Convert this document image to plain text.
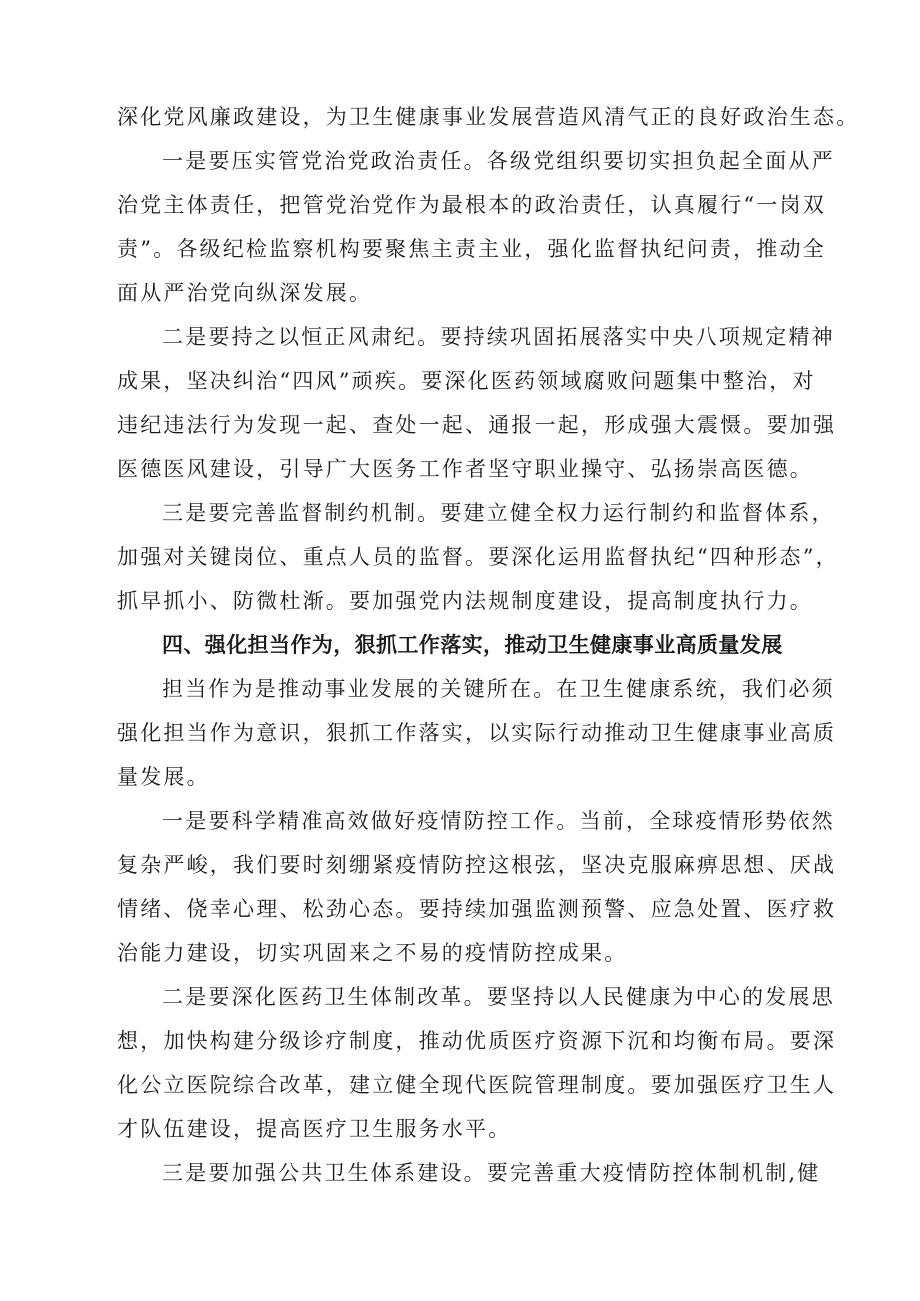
深化党风廉政建设，为卫生健康事业发展营造风清气正的良好政治生态。
一是要压实管党治党政治责任。各级党组织要切实担负起全面从严
治党主体责任，把管党治党作为最根本的政治责任，认真履行“一岗双
责”。各级纪检监察机构要聚焦主责主业，强化监督执纪问责，推动全
面从严治党向纵深发展。
二是要持之以恒正风肃纪。要持续巩固拓展落实中央八项规定精神
成果，坚决纠治“四风”顽疾。要深化医药领域腐败问题集中整治，对
违纪违法行为发现一起、查处一起、通报一起，形成强大震慑。要加强
医德医风建设，引导广大医务工作者坚守职业操守、弘扬崇高医德。
三是要完善监督制约机制。要建立健全权力运行制约和监督体系，
加强对关键岗位、重点人员的监督。要深化运用监督执纪“四种形态”，
抓早抓小、防微杜渐。要加强党内法规制度建设，提高制度执行力。
四、强化担当作为，狠抓工作落实，推动卫生健康事业高质量发展
担当作为是推动事业发展的关键所在。在卫生健康系统，我们必须
强化担当作为意识，狠抓工作落实，以实际行动推动卫生健康事业高质
量发展。
一是要科学精准高效做好疫情防控工作。当前，全球疫情形势依然
复杂严峻，我们要时刻绷紧疫情防控这根弦，坚决克服麻痹思想、厌战
情绪、侥幸心理、松劲心态。要持续加强监测预警、应急处置、医疗救
治能力建设，切实巩固来之不易的疫情防控成果。
二是要深化医药卫生体制改革。要坚持以人民健康为中心的发展思
想，加快构建分级诊疗制度，推动优质医疗资源下沉和均衡布局。要深
化公立医院综合改革，建立健全现代医院管理制度。要加强医疗卫生人
才队伍建设，提高医疗卫生服务水平。
三是要加强公共卫生体系建设。要完善重大疫情防控体制机制,健
